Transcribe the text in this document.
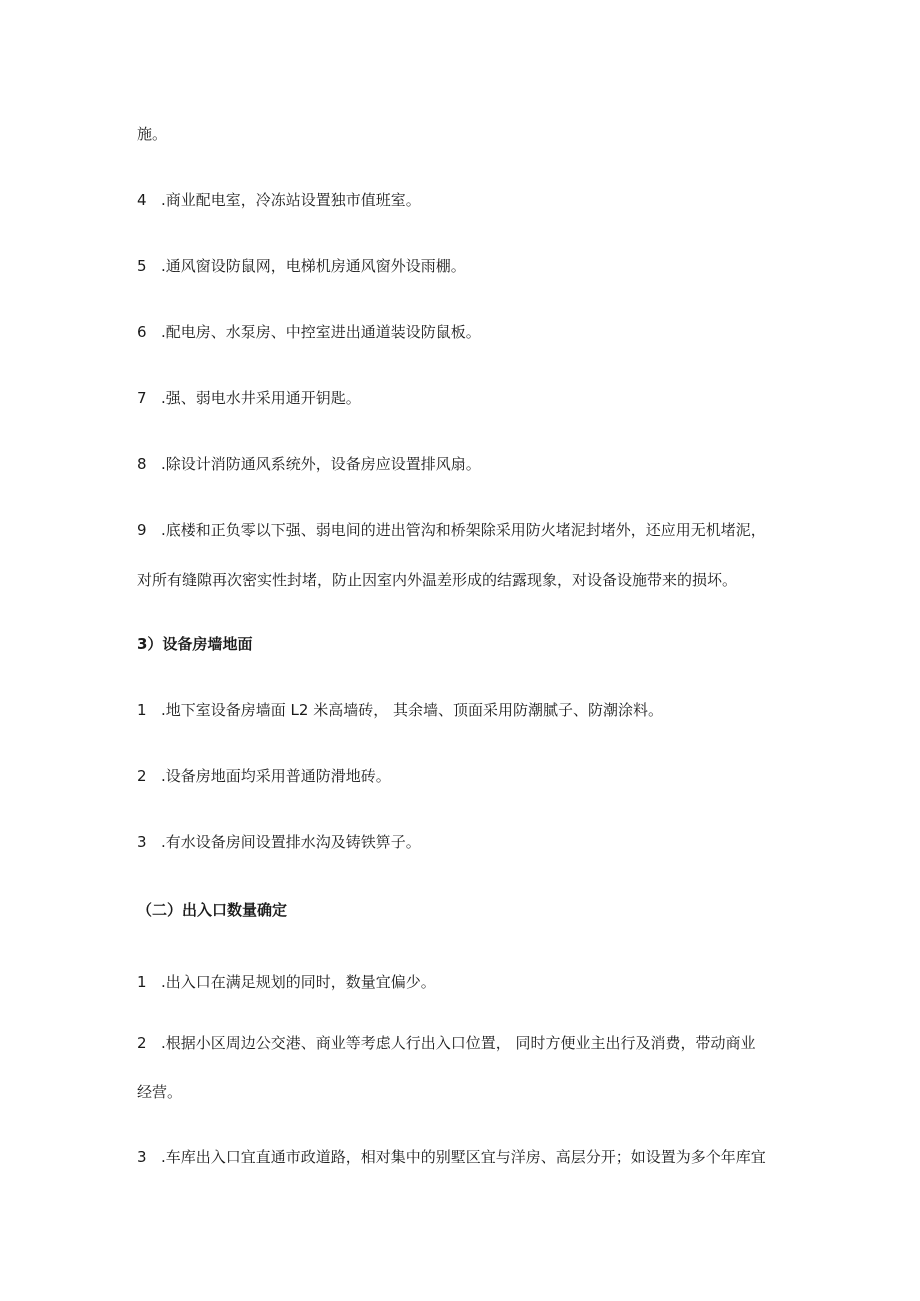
施。
4 .商业配电室，冷冻站设置独市值班室。
5 .通风窗设防鼠网，电梯机房通风窗外设雨棚。
6 .配电房、水泵房、中控室进出通道装设防鼠板。
7 .强、弱电水井采用通开钥匙。
8 .除设计消防通风系统外，设备房应设置排风扇。
9 .底楼和正负零以下强、弱电间的进出管沟和桥架除采用防火堵泥封堵外，还应用无机堵泥，
对所有缝隙再次密实性封堵，防止因室内外温差形成的结露现象，对设备设施带来的损坏。
3）设备房墙地面
1 .地下室设备房墙面 L2 米高墙砖， 其余墙、顶面采用防潮腻子、防潮涂料。
2 .设备房地面均采用普通防滑地砖。
3 .有水设备房间设置排水沟及铸铁箅子。
（二）出入口数量确定
1 .出入口在满足规划的同时，数量宜偏少。
2 .根据小区周边公交港、商业等考虑人行出入口位置， 同时方便业主出行及消费，带动商业
经营。
3 .车库出入口宜直通市政道路，相对集中的别墅区宜与洋房、高层分开；如设置为多个年库宜
